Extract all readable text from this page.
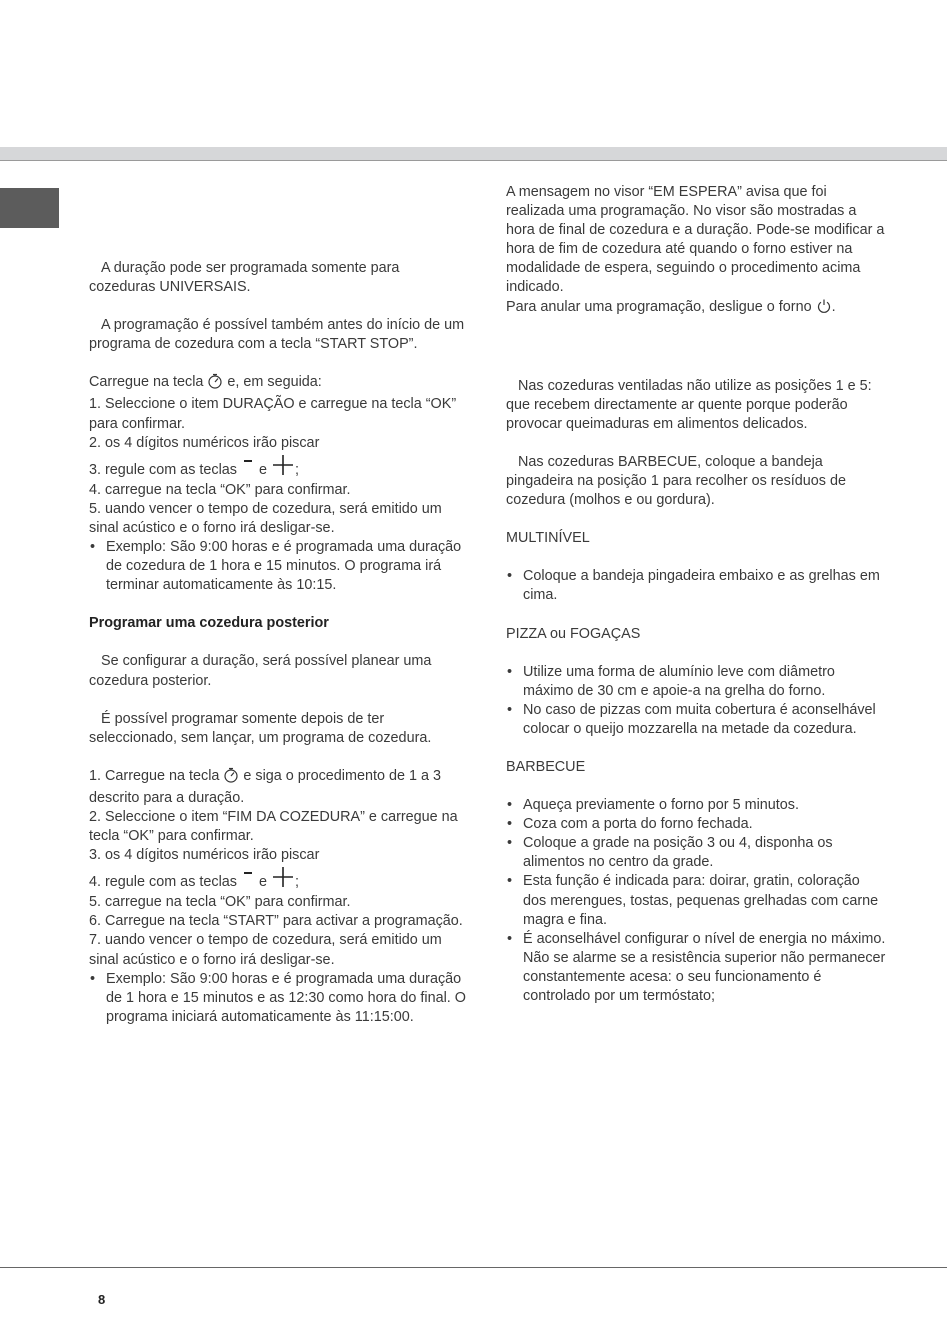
A duração pode ser programada somente para cozeduras UNIVERSAIS.

A programação é possível também antes do início de um programa de cozedura com a tecla “START STOP”.

Carregue na tecla e, em seguida:

1. Seleccione o item DURAÇÃO e carregue na tecla “OK” para confirmar.

2. os 4 dígitos numéricos irão piscar

3. regule com as teclas e ;

4. carregue na tecla “OK” para confirmar.

5. uando vencer o tempo de cozedura, será emitido um sinal acústico e o forno irá desligar-se.

• Exemplo: São 9:00 horas e é programada uma duração de cozedura de 1 hora e 15 minutos. O programa irá terminar automaticamente às 10:15.

Programar uma cozedura posterior

Se configurar a duração, será possível planear uma cozedura posterior.

É possível programar somente depois de ter seleccionado, sem lançar, um programa de cozedura.

1. Carregue na tecla e siga o procedimento de 1 a 3 descrito para a duração.

2. Seleccione o item “FIM DA COZEDURA” e carregue na tecla “OK” para confirmar.

3. os 4 dígitos numéricos irão piscar

4. regule com as teclas e ;

5. carregue na tecla “OK” para confirmar.

6. Carregue na tecla “START” para activar a programação.

7. uando vencer o tempo de cozedura, será emitido um sinal acústico e o forno irá desligar-se.

• Exemplo: São 9:00 horas e é programada uma duração de 1 hora e 15 minutos e as 12:30 como hora do final. O programa iniciará automaticamente às 11:15:00.

A mensagem no visor “EM ESPERA” avisa que foi realizada uma programação. No visor são mostradas a hora de final de cozedura e a duração. Pode-se modificar a hora de fim de cozedura até quando o forno estiver na modalidade de espera, seguindo o procedimento acima indicado.

Para anular uma programação, desligue o forno .

Nas cozeduras ventiladas não utilize as posições 1 e 5: que recebem directamente ar quente porque poderão provocar queimaduras em alimentos delicados.

Nas cozeduras BARBECUE, coloque a bandeja pingadeira na posição 1 para recolher os resíduos de cozedura (molhos e ou gordura).

MULTINÍVEL

• Coloque a bandeja pingadeira embaixo e as grelhas em cima.

PIZZA ou FOGAÇAS

• Utilize uma forma de alumínio leve com diâmetro máximo de 30 cm e apoie-a na grelha do forno.
• No caso de pizzas com muita cobertura é aconselhável colocar o queijo mozzarella na metade da cozedura.

BARBECUE

• Aqueça previamente o forno por 5 minutos.
• Coza com a porta do forno fechada.
• Coloque a grade na posição 3 ou 4, disponha os alimentos no centro da grade.
• Esta função é indicada para: doirar, gratin, coloração dos merengues, tostas, pequenas grelhadas com carne magra e fina.
• É aconselhável configurar o nível de energia no máximo. Não se alarme se a resistência superior não permanecer constantemente acesa: o seu funcionamento é controlado por um termóstato;
8
